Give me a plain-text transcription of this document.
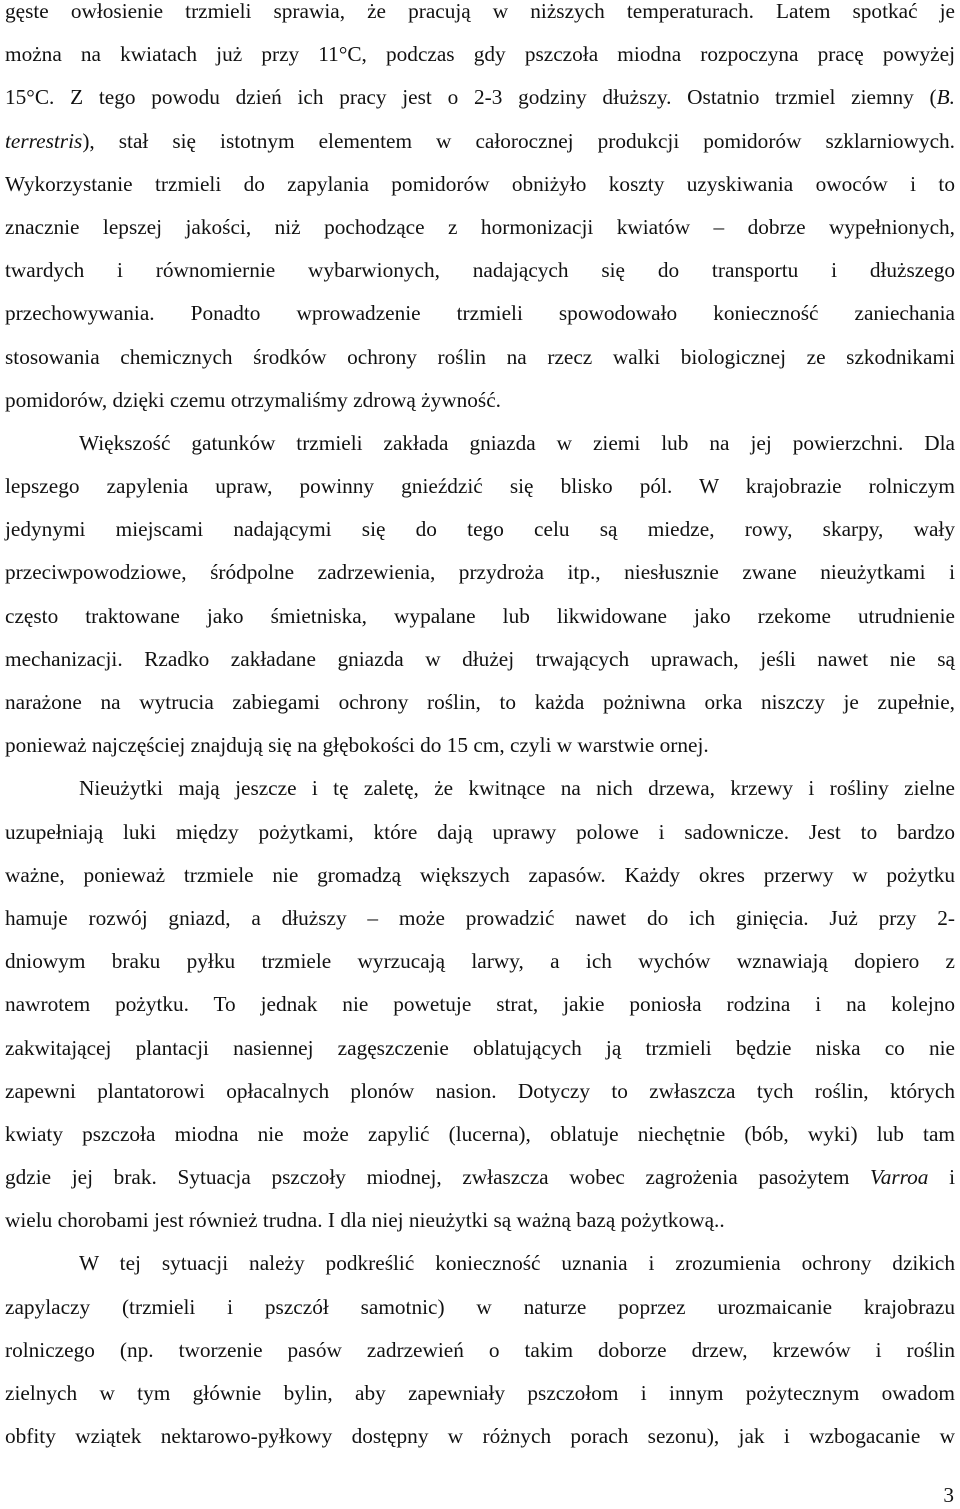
gęste owłosienie trzmieli sprawia, że pracują w niższych temperaturach. Latem spotkać je
można na kwiatach już przy 11°C, podczas gdy pszczoła miodna rozpoczyna pracę powyżej
15°C. Z tego powodu dzień ich pracy jest o 2-3 godziny dłuższy. Ostatnio trzmiel ziemny (B.
terrestris), stał się istotnym elementem w całorocznej produkcji pomidorów szklarniowych.
Wykorzystanie trzmieli do zapylania pomidorów obniżyło koszty uzyskiwania owoców i to
znacznie lepszej jakości, niż pochodzące z hormonizacji kwiatów – dobrze wypełnionych,
twardych i równomiernie wybarwionych, nadających się do transportu i dłuższego
przechowywania. Ponadto wprowadzenie trzmieli spowodowało konieczność zaniechania
stosowania chemicznych środków ochrony roślin na rzecz walki biologicznej ze szkodnikami
pomidorów, dzięki czemu otrzymaliśmy zdrową żywność.
Większość gatunków trzmieli zakłada gniazda w ziemi lub na jej powierzchni. Dla
lepszego zapylenia upraw, powinny gnieździć się blisko pól. W krajobrazie rolniczym
jedynymi miejscami nadającymi się do tego celu są miedze, rowy, skarpy, wały
przeciwpowodziowe, śródpolne zadrzewienia, przydroża itp., niesłusznie zwane nieużytkami i
często traktowane jako śmietniska, wypalane lub likwidowane jako rzekome utrudnienie
mechanizacji. Rzadko zakładane gniazda w dłużej trwających uprawach, jeśli nawet nie są
narażone na wytrucia zabiegami ochrony roślin, to każda pożniwna orka niszczy je zupełnie,
ponieważ najczęściej znajdują się na głębokości do 15 cm, czyli w warstwie ornej.
Nieużytki mają jeszcze i tę zaletę, że kwitnące na nich drzewa, krzewy i rośliny zielne
uzupełniają luki między pożytkami, które dają uprawy polowe i sadownicze. Jest to bardzo
ważne, ponieważ trzmiele nie gromadzą większych zapasów. Każdy okres przerwy w pożytku
hamuje rozwój gniazd, a dłuższy – może prowadzić nawet do ich ginięcia. Już przy 2-
dniowym braku pyłku trzmiele wyrzucają larwy, a ich wychów wznawiają dopiero z
nawrotem pożytku. To jednak nie powetuje strat, jakie poniosła rodzina i na kolejno
zakwitającej plantacji nasiennej zagęszczenie oblatujących ją trzmieli będzie niska co nie
zapewni plantatorowi opłacalnych plonów nasion. Dotyczy to zwłaszcza tych roślin, których
kwiaty pszczoła miodna nie może zapylić (lucerna), oblatuje niechętnie (bób, wyki) lub tam
gdzie jej brak. Sytuacja pszczoły miodnej, zwłaszcza wobec zagrożenia pasożytem Varroa i
wielu chorobami jest również trudna. I dla niej nieużytki są ważną bazą pożytkową..
W tej sytuacji należy podkreślić konieczność uznania i zrozumienia ochrony dzikich
zapylaczy (trzmieli i pszczół samotnic) w naturze poprzez urozmaicanie krajobrazu
rolniczego (np. tworzenie pasów zadrzewień o takim doborze drzew, krzewów i roślin
zielnych w tym głównie bylin, aby zapewniały pszczołom i innym pożytecznym owadom
obfity wziątek nektarowo-pyłkowy dostępny w różnych porach sezonu), jak i wzbogacanie w
3
